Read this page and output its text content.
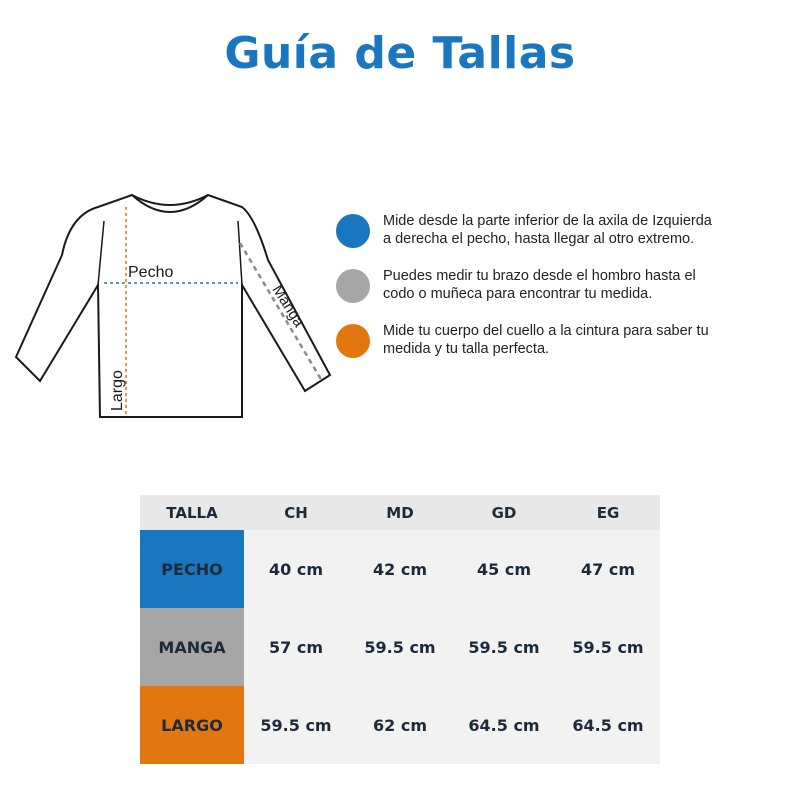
Guía de Tallas
Pecho
Largo
Manga
Mide desde la parte inferior de la axila de Izquierda
a derecha el pecho, hasta llegar al otro extremo.
Puedes medir tu brazo desde el hombro hasta el
codo o muñeca para encontrar tu medida.
Mide tu cuerpo del cuello a la cintura para saber tu
medida y tu talla perfecta.
TALLA	CH	MD	GD	EG
PECHO	40 cm	42 cm	45 cm	47 cm
MANGA	57 cm	59.5 cm	59.5 cm	59.5 cm
LARGO	59.5 cm	62 cm	64.5 cm	64.5 cm
